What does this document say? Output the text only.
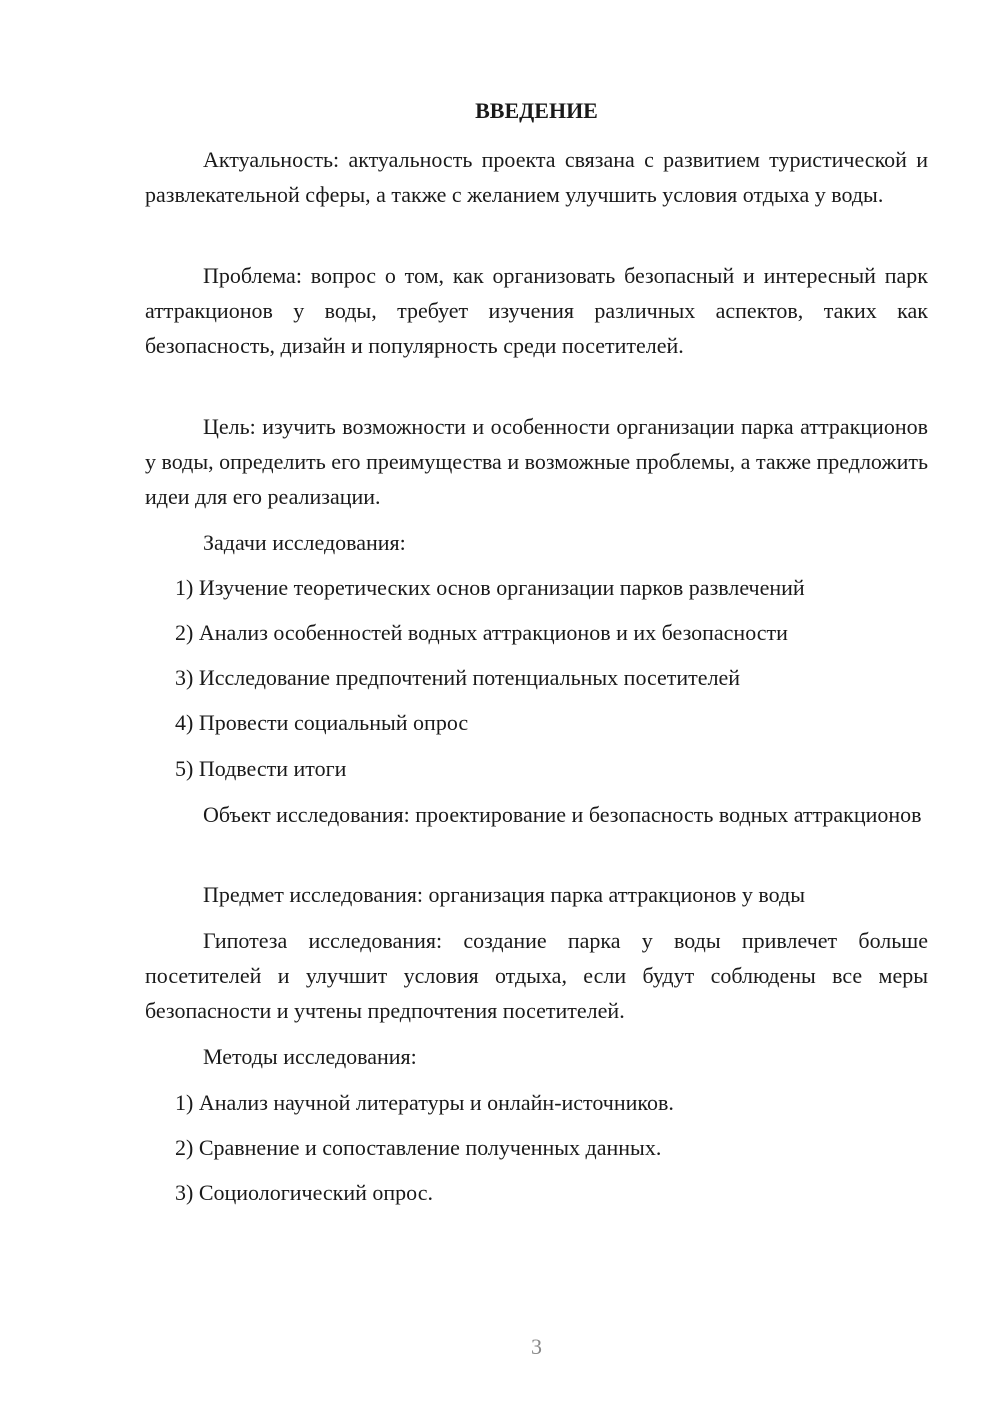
ВВЕДЕНИЕ

Актуальность: актуальность проекта связана с развитием туристической и развлекательной сферы, а также с желанием улучшить условия отдыха у воды.

Проблема: вопрос о том, как организовать безопасный и интересный парк аттракционов у воды, требует изучения различных аспектов, таких как безопасность, дизайн и популярность среди посетителей.

Цель: изучить возможности и особенности организации парка аттракционов у воды, определить его преимущества и возможные проблемы, а также предложить идеи для его реализации.

Задачи исследования:

1) Изучение теоретических основ организации парков развлечений

2) Анализ особенностей водных аттракционов и их безопасности

3) Исследование предпочтений потенциальных посетителей

4) Провести социальный опрос

5) Подвести итоги

Объект исследования: проектирование и безопасность водных аттракционов

Предмет исследования: организация парка аттракционов у воды

Гипотеза исследования: создание парка у воды привлечет больше посетителей и улучшит условия отдыха, если будут соблюдены все меры безопасности и учтены предпочтения посетителей.

Методы исследования:

1) Анализ научной литературы и онлайн-источников.

2) Сравнение и сопоставление полученных данных.

3) Социологический опрос.

3
